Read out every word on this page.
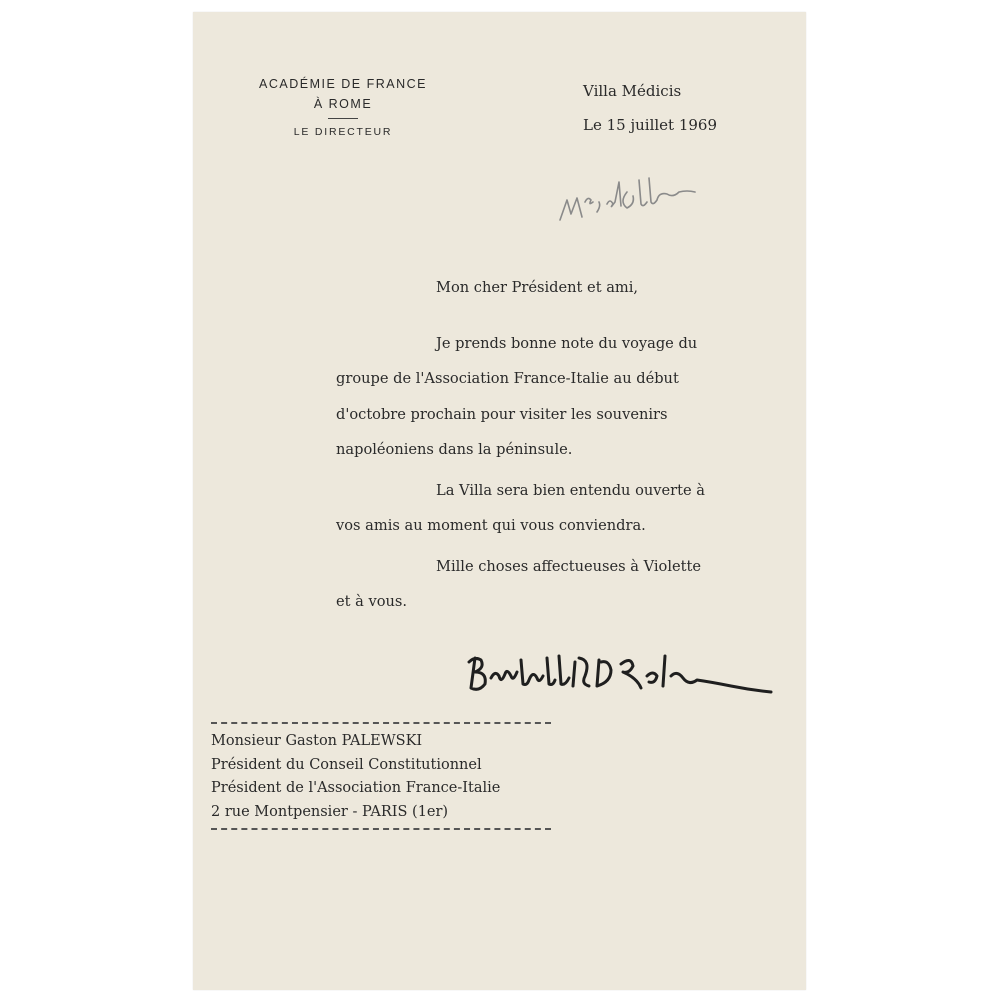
ACADÉMIE DE FRANCE
À ROME
LE DIRECTEUR
Villa Médicis
Le 15 juillet 1969

Mon cher Président et ami,

Je prends bonne note du voyage du

groupe de l'Association France-Italie au début

d'octobre prochain pour visiter les souvenirs

napoléoniens dans la péninsule.

La Villa sera bien entendu ouverte à

vos amis au moment qui vous conviendra.

Mille choses affectueuses à Violette

et à vous.

Monsieur Gaston PALEWSKI
Président du Conseil Constitutionnel
Président de l'Association France-Italie
2 rue Montpensier - PARIS (1er)
